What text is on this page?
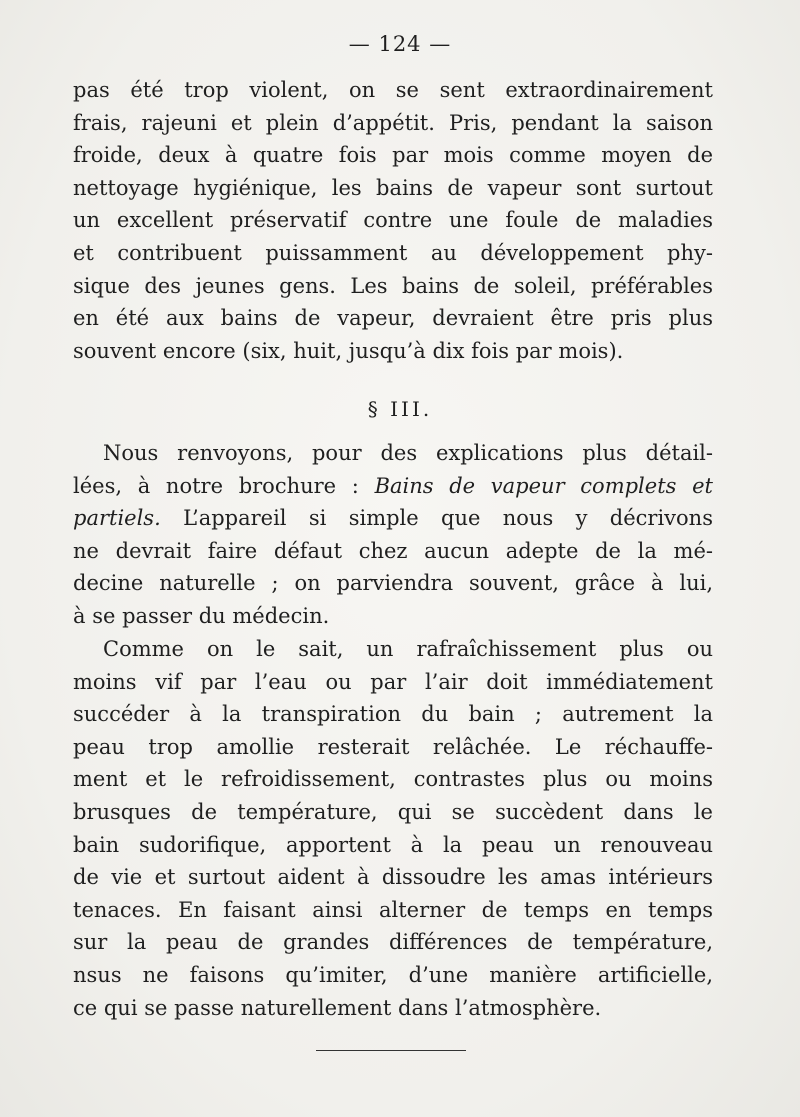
— 124 —
pas été trop violent, on se sent extraordinairement
frais, rajeuni et plein d’appétit. Pris, pendant la saison
froide, deux à quatre fois par mois comme moyen de
nettoyage hygiénique, les bains de vapeur sont surtout
un excellent préservatif contre une foule de maladies
et contribuent puissamment au développement phy-
sique des jeunes gens. Les bains de soleil, préférables
en été aux bains de vapeur, devraient être pris plus
souvent encore (six, huit, jusqu’à dix fois par mois).
§ III.
Nous renvoyons, pour des explications plus détail-
lées, à notre brochure : Bains de vapeur complets et
partiels. L’appareil si simple que nous y décrivons
ne devrait faire défaut chez aucun adepte de la mé-
decine naturelle ; on parviendra souvent, grâce à lui,
à se passer du médecin.
Comme on le sait, un rafraîchissement plus ou
moins vif par l’eau ou par l’air doit immédiatement
succéder à la transpiration du bain ; autrement la
peau trop amollie resterait relâchée. Le réchauffe-
ment et le refroidissement, contrastes plus ou moins
brusques de température, qui se succèdent dans le
bain sudorifique, apportent à la peau un renouveau
de vie et surtout aident à dissoudre les amas intérieurs
tenaces. En faisant ainsi alterner de temps en temps
sur la peau de grandes différences de température,
nsus ne faisons qu’imiter, d’une manière artificielle,
ce qui se passe naturellement dans l’atmosphère.
